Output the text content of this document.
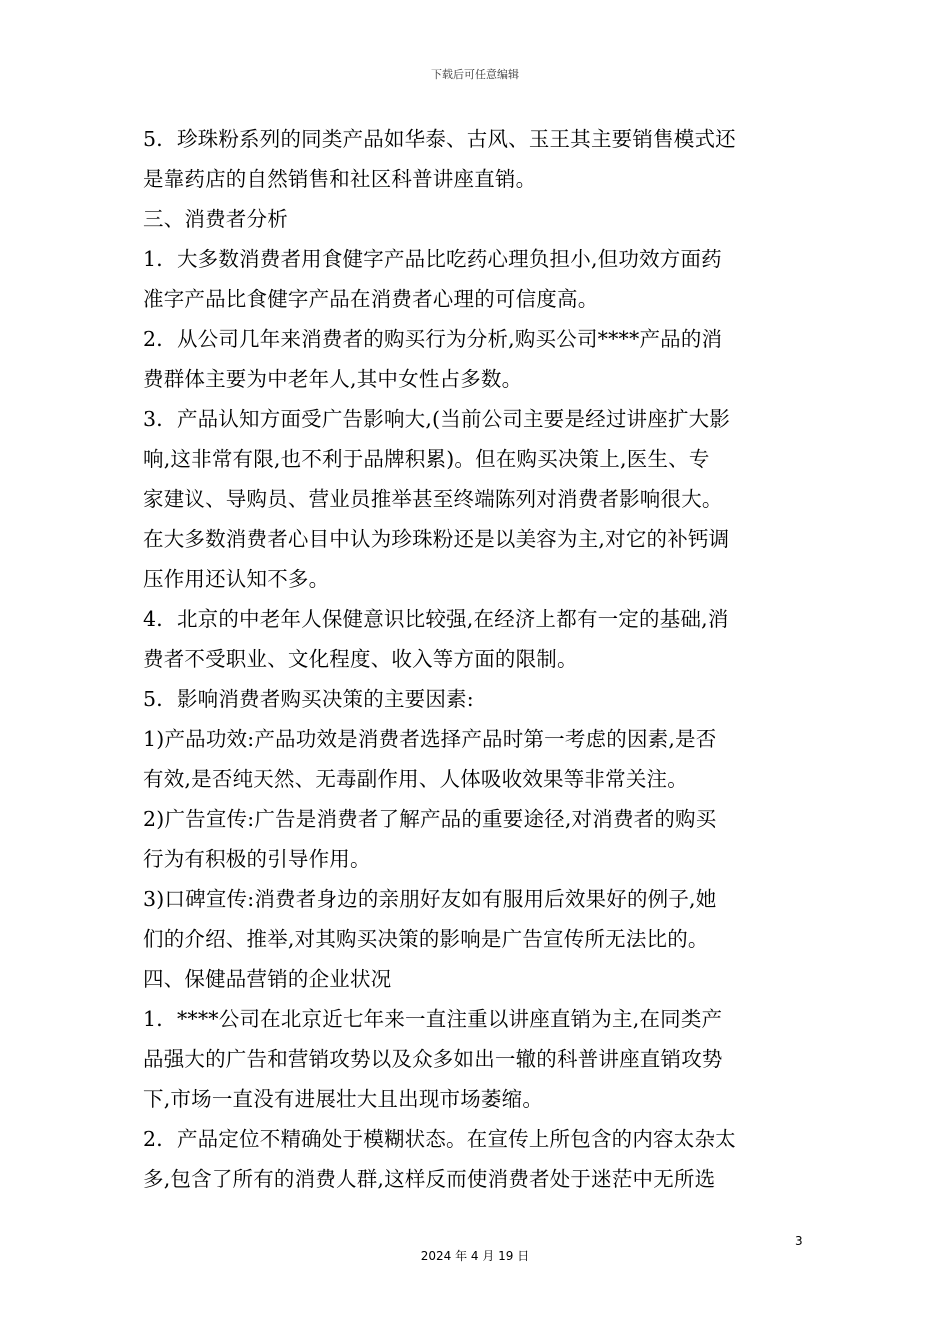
下载后可任意编辑
5．珍珠粉系列的同类产品如华泰、古风、玉王其主要销售模式还
是靠药店的自然销售和社区科普讲座直销。
三、消费者分析
1．大多数消费者用食健字产品比吃药心理负担小,但功效方面药
准字产品比食健字产品在消费者心理的可信度高。
2．从公司几年来消费者的购买行为分析,购买公司****产品的消
费群体主要为中老年人,其中女性占多数。
3．产品认知方面受广告影响大,(当前公司主要是经过讲座扩大影
响,这非常有限,也不利于品牌积累)。但在购买决策上,医生、专
家建议、导购员、营业员推举甚至终端陈列对消费者影响很大。
在大多数消费者心目中认为珍珠粉还是以美容为主,对它的补钙调
压作用还认知不多。
4．北京的中老年人保健意识比较强,在经济上都有一定的基础,消
费者不受职业、文化程度、收入等方面的限制。
5．影响消费者购买决策的主要因素:
1)产品功效:产品功效是消费者选择产品时第一考虑的因素,是否
有效,是否纯天然、无毒副作用、人体吸收效果等非常关注。
2)广告宣传:广告是消费者了解产品的重要途径,对消费者的购买
行为有积极的引导作用。
3)口碑宣传:消费者身边的亲朋好友如有服用后效果好的例子,她
们的介绍、推举,对其购买决策的影响是广告宣传所无法比的。
四、保健品营销的企业状况
1．****公司在北京近七年来一直注重以讲座直销为主,在同类产
品强大的广告和营销攻势以及众多如出一辙的科普讲座直销攻势
下,市场一直没有进展壮大且出现市场萎缩。
2．产品定位不精确处于模糊状态。在宣传上所包含的内容太杂太
多,包含了所有的消费人群,这样反而使消费者处于迷茫中无所选
3
2024 年 4 月 19 日
